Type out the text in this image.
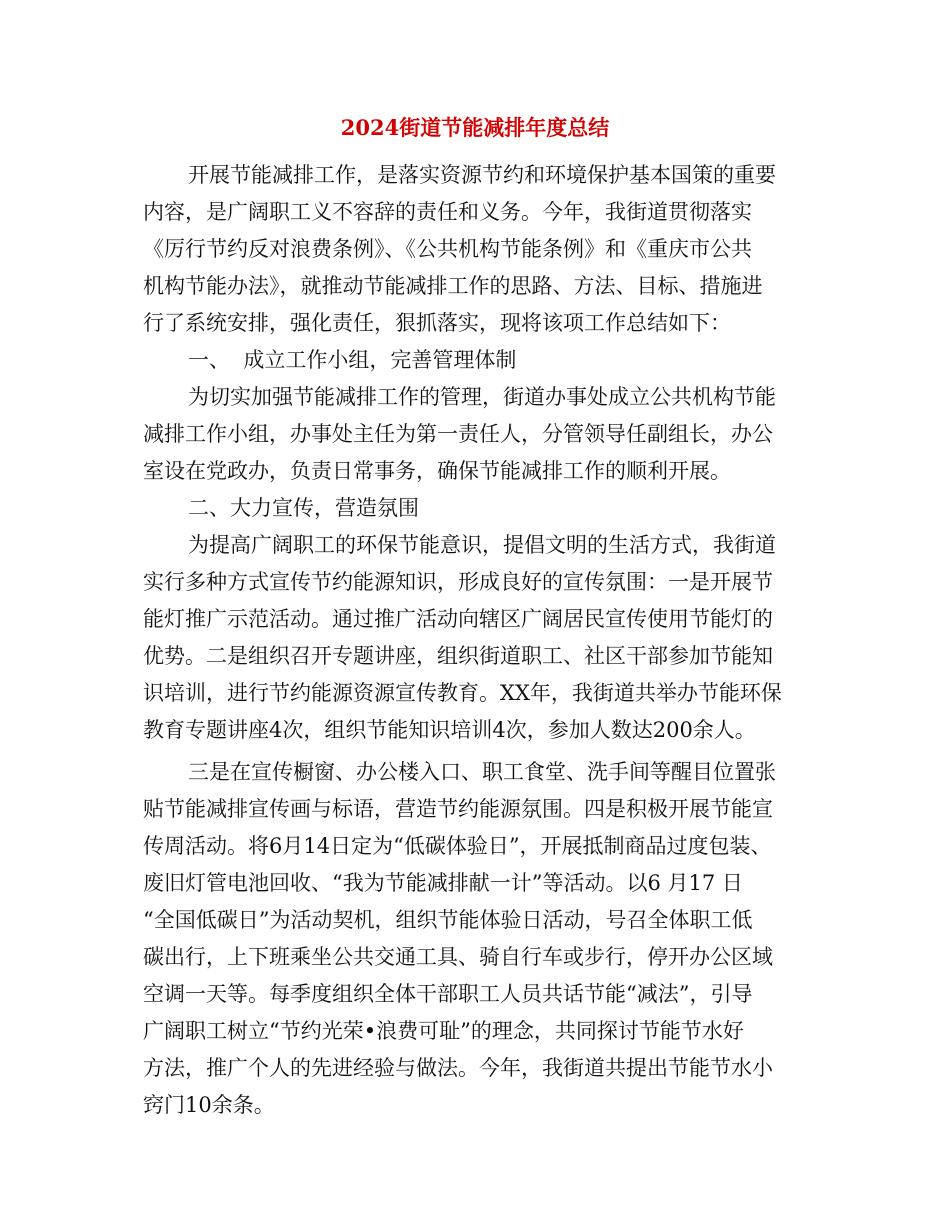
2024街道节能减排年度总结

开展节能减排工作，是落实资源节约和环境保护基本国策的重要

内容，是广阔职工义不容辞的责任和义务。今年，我街道贯彻落实

《厉行节约反对浪费条例》、《公共机构节能条例》和《重庆市公共

机构节能办法》，就推动节能减排工作的思路、方法、目标、措施进

行了系统安排，强化责任，狠抓落实，现将该项工作总结如下：

一、  成立工作小组，完善管理体制

为切实加强节能减排工作的管理，街道办事处成立公共机构节能

减排工作小组，办事处主任为第一责任人，分管领导任副组长，办公

室设在党政办，负责日常事务，确保节能减排工作的顺利开展。

二、大力宣传，营造氛围

为提高广阔职工的环保节能意识，提倡文明的生活方式，我街道

实行多种方式宣传节约能源知识，形成良好的宣传氛围：一是开展节

能灯推广示范活动。通过推广活动向辖区广阔居民宣传使用节能灯的

优势。二是组织召开专题讲座，组织街道职工、社区干部参加节能知

识培训，进行节约能源资源宣传教育。XX年，我街道共举办节能环保

教育专题讲座4次，组织节能知识培训4次，参加人数达200余人。

三是在宣传橱窗、办公楼入口、职工食堂、洗手间等醒目位置张

贴节能减排宣传画与标语，营造节约能源氛围。四是积极开展节能宣

传周活动。将6月14日定为“低碳体验日”，开展抵制商品过度包装、

废旧灯管电池回收、“我为节能减排献一计”等活动。以6 月17 日

“全国低碳日”为活动契机，组织节能体验日活动，号召全体职工低

碳出行，上下班乘坐公共交通工具、骑自行车或步行，停开办公区域

空调一天等。每季度组织全体干部职工人员共话节能“减法”，引导

广阔职工树立“节约光荣•浪费可耻”的理念，共同探讨节能节水好

方法，推广个人的先进经验与做法。今年，我街道共提出节能节水小

窍门10余条。
